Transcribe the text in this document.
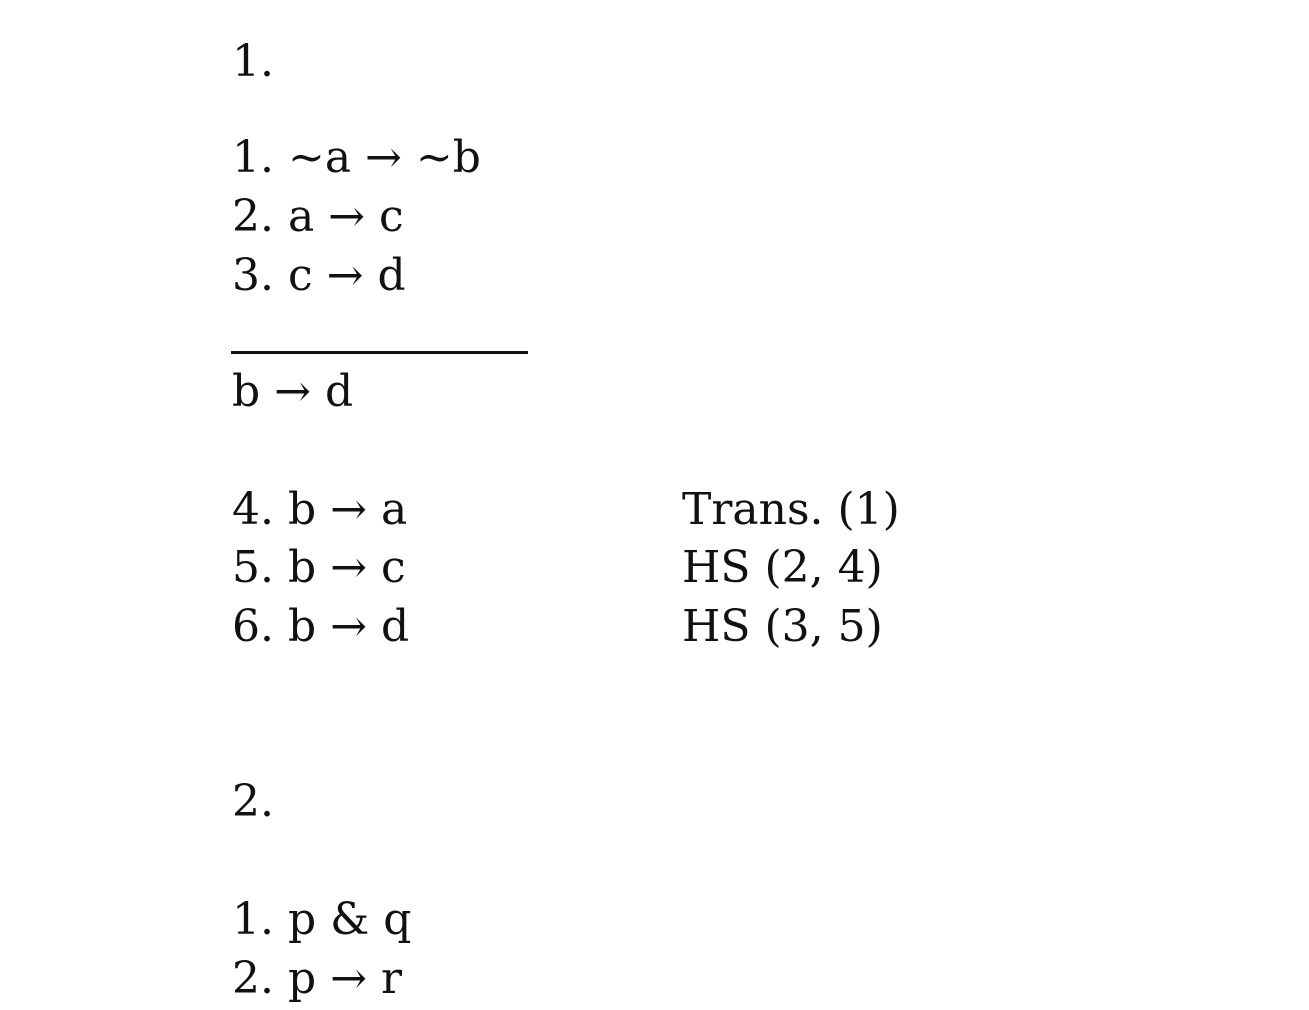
1.
1. ~a → ~b
2. a → c
3. c → d
b → d
4. b → a	Trans. (1)
5. b → c	HS (2, 4)
6. b → d	HS (3, 5)
2.
1. p & q
2. p → r
